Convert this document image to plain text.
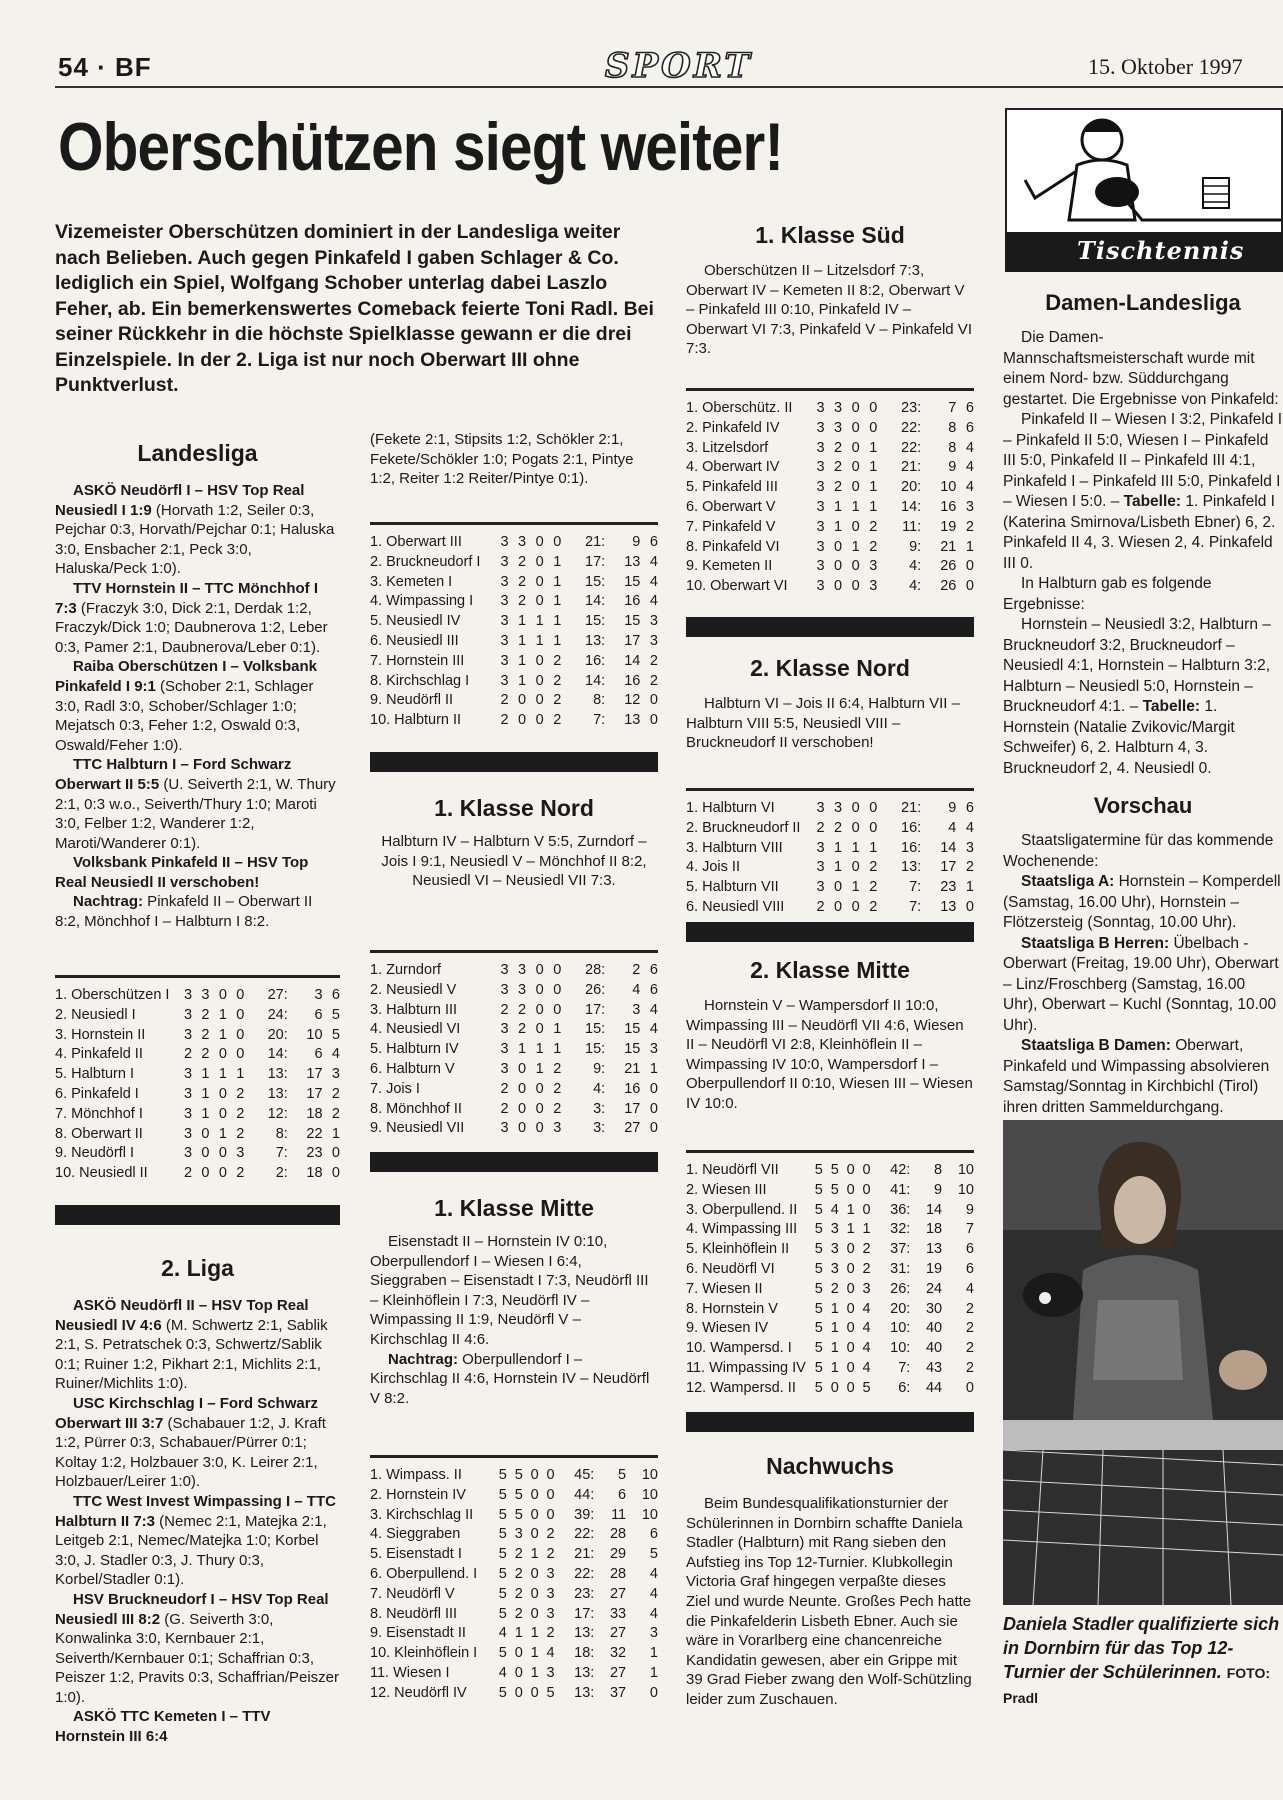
54 · BF	SPORT	15. Oktober 1997
Oberschützen siegt weiter!
Vizemeister Oberschützen dominiert in der Landesliga weiter nach Belieben. Auch gegen Pinkafeld I gaben Schlager & Co. lediglich ein Spiel, Wolfgang Schober unterlag dabei Laszlo Feher, ab. Ein bemerkenswertes Comeback feierte Toni Radl. Bei seiner Rückkehr in die höchste Spielklasse gewann er die drei Einzelspiele. In der 2. Liga ist nur noch Oberwart III ohne Punktverlust.
Landesliga

ASKÖ Neudörfl I – HSV Top Real Neusiedl I 1:9 (Horvath 1:2, Seiler 0:3, Pejchar 0:3, Horvath/Pejchar 0:1; Haluska 3:0, Ensbacher 2:1, Peck 3:0, Haluska/Peck 1:0).

TTV Hornstein II – TTC Mönchhof I 7:3 (Fraczyk 3:0, Dick 2:1, Derdak 1:2, Fraczyk/Dick 1:0; Daubnerova 1:2, Leber 0:3, Pamer 2:1, Daubnerova/Leber 0:1).

Raiba Oberschützen I – Volksbank Pinkafeld I 9:1 (Schober 2:1, Schlager 3:0, Radl 3:0, Schober/Schlager 1:0; Mejatsch 0:3, Feher 1:2, Oswald 0:3, Oswald/Feher 1:0).

TTC Halbturn I – Ford Schwarz Oberwart II 5:5 (U. Seiverth 2:1, W. Thury 2:1, 0:3 w.o., Seiverth/Thury 1:0; Maroti 3:0, Felber 1:2, Wanderer 1:2, Maroti/Wanderer 0:1).

Volksbank Pinkafeld II – HSV Top Real Neusiedl II verschoben!

Nachtrag: Pinkafeld II – Oberwart II 8:2, Mönchhof I – Halbturn I 8:2.

1. Oberschützen I	3	3	0	0	27:	3	6
2. Neusiedl I	3	2	1	0	24:	6	5
3. Hornstein II	3	2	1	0	20:	10	5
4. Pinkafeld II	2	2	0	0	14:	6	4
5. Halbturn I	3	1	1	1	13:	17	3
6. Pinkafeld I	3	1	0	2	13:	17	2
7. Mönchhof I	3	1	0	2	12:	18	2
8. Oberwart II	3	0	1	2	8:	22	1
9. Neudörfl I	3	0	0	3	7:	23	0
10. Neusiedl II	2	0	0	2	2:	18	0
2. Liga

ASKÖ Neudörfl II – HSV Top Real Neusiedl IV 4:6 (M. Schwertz 2:1, Sablik 2:1, S. Petratschek 0:3, Schwertz/Sablik 0:1; Ruiner 1:2, Pikhart 2:1, Michlits 2:1, Ruiner/Michlits 1:0).

USC Kirchschlag I – Ford Schwarz Oberwart III 3:7 (Schabauer 1:2, J. Kraft 1:2, Pürrer 0:3, Schabauer/Pürrer 0:1; Koltay 1:2, Holzbauer 3:0, K. Leirer 2:1, Holzbauer/Leirer 1:0).

TTC West Invest Wimpassing I – TTC Halbturn II 7:3 (Nemec 2:1, Matejka 2:1, Leitgeb 2:1, Nemec/Matejka 1:0; Korbel 3:0, J. Stadler 0:3, J. Thury 0:3, Korbel/Stadler 0:1).

HSV Bruckneudorf I – HSV Top Real Neusiedl III 8:2 (G. Seiverth 3:0, Konwalinka 3:0, Kernbauer 2:1, Seiverth/Kernbauer 0:1; Schaffrian 0:3, Peiszer 1:2, Pravits 0:3, Schaffrian/Peiszer 1:0).

ASKÖ TTC Kemeten I – TTV Hornstein III 6:4

(Fekete 2:1, Stipsits 1:2, Schökler 2:1, Fekete/Schökler 1:0; Pogats 2:1, Pintye 1:2, Reiter 1:2 Reiter/Pintye 0:1).

1. Oberwart III	3	3	0	0	21:	9	6
2. Bruckneudorf I	3	2	0	1	17:	13	4
3. Kemeten I	3	2	0	1	15:	15	4
4. Wimpassing I	3	2	0	1	14:	16	4
5. Neusiedl IV	3	1	1	1	15:	15	3
6. Neusiedl III	3	1	1	1	13:	17	3
7. Hornstein III	3	1	0	2	16:	14	2
8. Kirchschlag I	3	1	0	2	14:	16	2
9. Neudörfl II	2	0	0	2	8:	12	0
10. Halbturn II	2	0	0	2	7:	13	0
1. Klasse Nord

Halbturn IV – Halbturn V 5:5, Zurndorf – Jois I 9:1, Neusiedl V – Mönchhof II 8:2, Neusiedl VI – Neusiedl VII 7:3.

1. Zurndorf	3	3	0	0	28:	2	6
2. Neusiedl V	3	3	0	0	26:	4	6
3. Halbturn III	2	2	0	0	17:	3	4
4. Neusiedl VI	3	2	0	1	15:	15	4
5. Halbturn IV	3	1	1	1	15:	15	3
6. Halbturn V	3	0	1	2	9:	21	1
7. Jois I	2	0	0	2	4:	16	0
8. Mönchhof II	2	0	0	2	3:	17	0
9. Neusiedl VII	3	0	0	3	3:	27	0
1. Klasse Mitte

Eisenstadt II – Hornstein IV 0:10, Oberpullendorf I – Wiesen I 6:4, Sieggraben – Eisenstadt I 7:3, Neudörfl III – Kleinhöflein I 7:3, Neudörfl IV – Wimpassing II 1:9, Neudörfl V – Kirchschlag II 4:6.

Nachtrag: Oberpullendorf I – Kirchschlag II 4:6, Hornstein IV – Neudörfl V 8:2.

1. Wimpass. II	5	5	0	0	45:	5	10
2. Hornstein IV	5	5	0	0	44:	6	10
3. Kirchschlag II	5	5	0	0	39:	11	10
4. Sieggraben	5	3	0	2	22:	28	6
5. Eisenstadt I	5	2	1	2	21:	29	5
6. Oberpullend. I	5	2	0	3	22:	28	4
7. Neudörfl V	5	2	0	3	23:	27	4
8. Neudörfl III	5	2	0	3	17:	33	4
9. Eisenstadt II	4	1	1	2	13:	27	3
10. Kleinhöflein I	5	0	1	4	18:	32	1
11. Wiesen I	4	0	1	3	13:	27	1
12. Neudörfl IV	5	0	0	5	13:	37	0
1. Klasse Süd

Oberschützen II – Litzelsdorf 7:3, Oberwart IV – Kemeten II 8:2, Oberwart V – Pinkafeld III 0:10, Pinkafeld IV – Oberwart VI 7:3, Pinkafeld V – Pinkafeld VI 7:3.

1. Oberschütz. II	3	3	0	0	23:	7	6
2. Pinkafeld IV	3	3	0	0	22:	8	6
3. Litzelsdorf	3	2	0	1	22:	8	4
4. Oberwart IV	3	2	0	1	21:	9	4
5. Pinkafeld III	3	2	0	1	20:	10	4
6. Oberwart V	3	1	1	1	14:	16	3
7. Pinkafeld V	3	1	0	2	11:	19	2
8. Pinkafeld VI	3	0	1	2	9:	21	1
9. Kemeten II	3	0	0	3	4:	26	0
10. Oberwart VI	3	0	0	3	4:	26	0
2. Klasse Nord

Halbturn VI – Jois II 6:4, Halbturn VII – Halbturn VIII 5:5, Neusiedl VIII – Bruckneudorf II verschoben!

1. Halbturn VI	3	3	0	0	21:	9	6
2. Bruckneudorf II	2	2	0	0	16:	4	4
3. Halbturn VIII	3	1	1	1	16:	14	3
4. Jois II	3	1	0	2	13:	17	2
5. Halbturn VII	3	0	1	2	7:	23	1
6. Neusiedl VIII	2	0	0	2	7:	13	0
2. Klasse Mitte

Hornstein V – Wampersdorf II 10:0, Wimpassing III – Neudörfl VII 4:6, Wiesen II – Neudörfl VI 2:8, Kleinhöflein II – Wimpassing IV 10:0, Wampersdorf I – Oberpullendorf II 0:10, Wiesen III – Wiesen IV 10:0.

1. Neudörfl VII	5	5	0	0	42:	8	10
2. Wiesen III	5	5	0	0	41:	9	10
3. Oberpullend. II	5	4	1	0	36:	14	9
4. Wimpassing III	5	3	1	1	32:	18	7
5. Kleinhöflein II	5	3	0	2	37:	13	6
6. Neudörfl VI	5	3	0	2	31:	19	6
7. Wiesen II	5	2	0	3	26:	24	4
8. Hornstein V	5	1	0	4	20:	30	2
9. Wiesen IV	5	1	0	4	10:	40	2
10. Wampersd. I	5	1	0	4	10:	40	2
11. Wimpassing IV	5	1	0	4	7:	43	2
12. Wampersd. II	5	0	0	5	6:	44	0
Nachwuchs

Beim Bundesqualifikationsturnier der Schülerinnen in Dornbirn schaffte Daniela Stadler (Halbturn) mit Rang sieben den Aufstieg ins Top 12-Turnier. Klubkollegin Victoria Graf hingegen verpaßte dieses Ziel und wurde Neunte. Großes Pech hatte die Pinkafelderin Lisbeth Ebner. Auch sie wäre in Vorarlberg eine chancenreiche Kandidatin gewesen, aber ein Grippe mit 39 Grad Fieber zwang den Wolf-Schützling leider zum Zuschauen.

Tischtennis
Damen-Landesliga

Die Damen-Mannschaftsmeisterschaft wurde mit einem Nord- bzw. Süddurchgang gestartet. Die Ergebnisse von Pinkafeld:

Pinkafeld II – Wiesen I 3:2, Pinkafeld I – Pinkafeld II 5:0, Wiesen I – Pinkafeld III 5:0, Pinkafeld II – Pinkafeld III 4:1, Pinkafeld I – Pinkafeld III 5:0, Pinkafeld I – Wiesen I 5:0. – Tabelle: 1. Pinkafeld I (Katerina Smirnova/Lisbeth Ebner) 6, 2. Pinkafeld II 4, 3. Wiesen 2, 4. Pinkafeld III 0.

In Halbturn gab es folgende Ergebnisse:

Hornstein – Neusiedl 3:2, Halbturn – Bruckneudorf 3:2, Bruckneudorf – Neusiedl 4:1, Hornstein – Halbturn 3:2, Halbturn – Neusiedl 5:0, Hornstein – Bruckneudorf 4:1. – Tabelle: 1. Hornstein (Natalie Zvikovic/Margit Schweifer) 6, 2. Halbturn 4, 3. Bruckneudorf 2, 4. Neusiedl 0.

Vorschau

Staatsligatermine für das kommende Wochenende:

Staatsliga A: Hornstein – Komperdell (Samstag, 16.00 Uhr), Hornstein – Flötzersteig (Sonntag, 10.00 Uhr).

Staatsliga B Herren: Übelbach - Oberwart (Freitag, 19.00 Uhr), Oberwart – Linz/Froschberg (Samstag, 16.00 Uhr), Oberwart – Kuchl (Sonntag, 10.00 Uhr).

Staatsliga B Damen: Oberwart, Pinkafeld und Wimpassing absolvieren Samstag/Sonntag in Kirchbichl (Tirol) ihren dritten Sammeldurchgang.

Daniela Stadler qualifizierte sich in Dornbirn für das Top 12-Turnier der Schülerinnen. FOTO: Pradl
